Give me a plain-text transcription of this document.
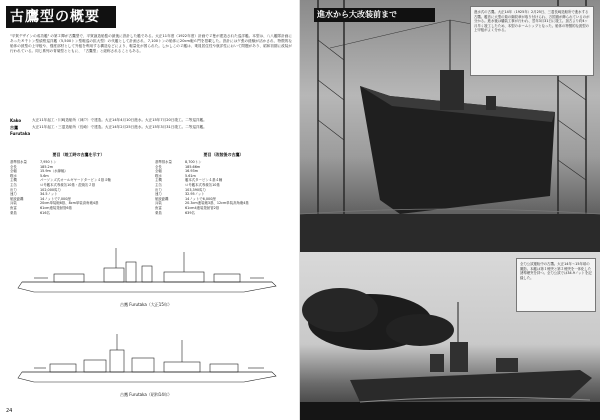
古鷹型の概要
"平賀デザインの成功艦" の第２陣が古鷹型で、平賀譲造船監の最後に設計した艦である。大正11年度（1922年度）計画で２隻が建造された巡洋艦。本型は、八八艦隊計画にあった８千トン型偵察巡洋艦（5,500トン型軽巡の拡大型）の代艦として計画され、7,100トンの船体に20cm砲６門を搭載した。設計には夕張の経験が活かされ、特徴的な船体の波型の上甲板や、強度部材として外板を利用する構造などにより、軽量化が図られた。しかしこの２艦は、乗員居住性や航洋性において問題があり、昭和初期に改装が行われている。同じ系列の青葉型とともに、「古鷹型」と総称されることもある。
Kako	大正11年起工・川崎造船所（神戸）で建造。大正14年4月10日進水。大正15年7月20日竣工。二等巡洋艦。
古鷹 Furutaka
大正11年起工・三菱造船所（長崎）で建造。大正14年2月25日進水。大正15年3月31日竣工。二等巡洋艦。
要目（竣工時の古鷹を示す）
基準排水量	7,950トン
全長	185.2m
全幅	15.9m（水線幅）
喫水	5.6m
主機	パーソンズ式オールギヤードタービン４基４軸
主缶	ロ号艦本式専焼缶10基・混焼缶２基
出力	102,000馬力
速力	34.5ノット
航続距離	14ノットで7,000浬
兵装	20cm単装砲6基、8cm単装高角砲4基
魚雷	61cm連装発射管6基
乗員	616名
要目（改装後の古鷹）
基準排水量	8,700トン
全長	185.66m
全幅	16.93m
喫水	5.61m
主機	艦本式タービン４基４軸
主缶	ロ号艦本式専焼缶10基
出力	103,390馬力
速力	32.95ノット
航続距離	14ノットで6,000浬
兵装	20.3cm連装砲3基、12cm単装高角砲4基
魚雷	61cm4連装発射管2基
乗員	639名
古鷹 Furutaka（大正15年）
古鷹 Furutaka（昭和14年）
24
進水から大改装前まで	進水式の古鷹。大正14年（1925年）2月25日、三菱長崎造船所で進水する古鷹。艦首に大型の菊の御紋章が取り付けられ、万国旗が飾られているのが分かる。進水後は艤装工事が行われ、翌年3月31日に竣工。加古より約4ヶ月早く竣工したため、本型のネームシップとなった。船体の特徴的な波型の上甲板がよく分かる。
全力公試運転中の古鷹。大正14年～15年頃の撮影。本艦は第１煙突と第２煙突を一体化した誘導煙突を持つ。全力公試では34.9ノットを記録した。
